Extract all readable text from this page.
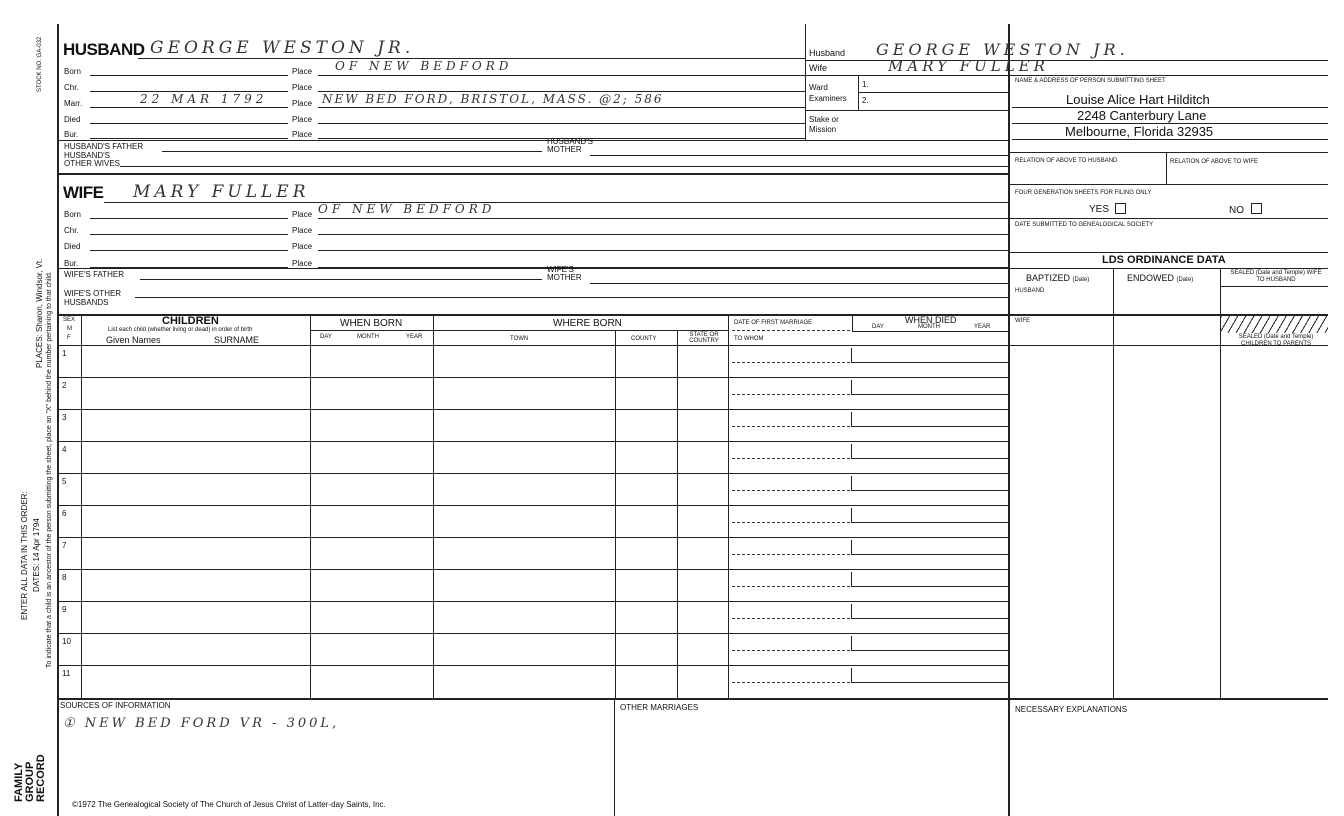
STOCK NO. GA-032
PLACES: Sharon, Windsor, Vt.
ENTER ALL DATA IN THIS ORDER: DATES: 14 Apr 1794 To indicate that a child is an ancestor of the person submitting the sheet, place an "X" behind the number pertaining to that child.
FAMILY GROUP RECORD
HUSBAND GEORGE WESTON JR.
Born	Place OF NEW BEDFORD
Chr.	Place
Marr.	22 MAR 1792	Place NEW BED FORD, BRISTOL, MASS. @2; 586
Died	Place
Bur.	Place
HUSBAND'S FATHER
HUSBAND'S MOTHER
HUSBAND'S OTHER WIVES
WIFE MARY FULLER
Born	Place OF NEW BEDFORD
Chr.	Place
Died	Place
Bur.	Place
WIFE'S FATHER
WIFE'S MOTHER
WIFE'S OTHER HUSBANDS
Husband GEORGE WESTON JR.
Wife	MARY FULLER
Ward
Examiners
1.
2.
Stake or Mission
NAME & ADDRESS OF PERSON SUBMITTING SHEET
Louise Alice Hart Hilditch
2248 Canterbury Lane
Melbourne, Florida 32935
RELATION OF ABOVE TO HUSBAND	RELATION OF ABOVE TO WIFE
FOUR GENERATION SHEETS FOR FILING ONLY
YES	NO
DATE SUBMITTED TO GENEALOGICAL SOCIETY
LDS ORDINANCE DATA
BAPTIZED (Date)	ENDOWED (Date)
SEALED (Date and Temple) WIFE TO HUSBAND
HUSBAND
WIFE
SEALED (Date and Temple) CHILDREN TO PARENTS
SEX
M
F
CHILDREN
List each child (whether living or dead) in order of birth
Given Names	SURNAME
WHEN BORN
DAY	MONTH	YEAR
WHERE BORN
TOWN	COUNTY
STATE OR COUNTRY
DATE OF FIRST MARRIAGE
TO WHOM
WHEN DIED
DAY	MONTH	YEAR
1
2
3
4
5
6
7
8
9
10
11
SOURCES OF INFORMATION
① NEW BED FORD VR - 300L,
OTHER MARRIAGES	NECESSARY EXPLANATIONS
©1972 The Genealogical Society of The Church of Jesus Christ of Latter-day Saints, Inc.
